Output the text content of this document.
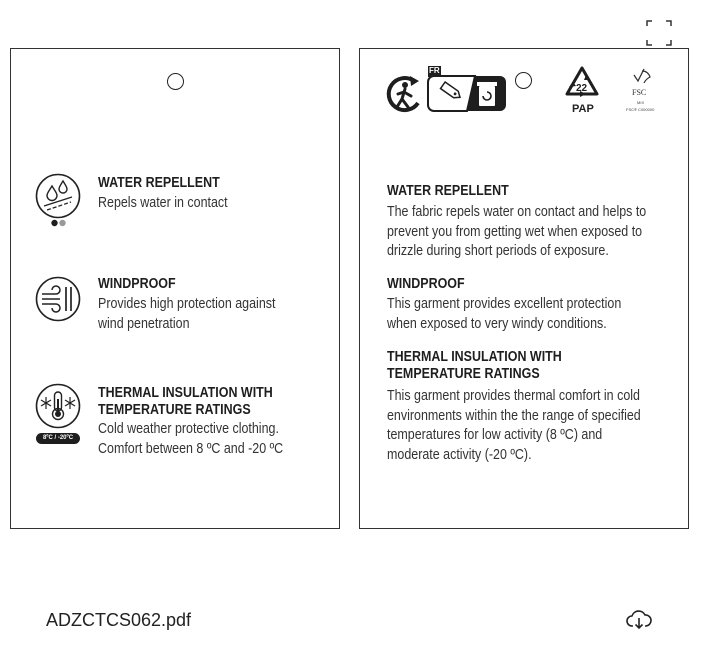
WATER REPELLENT
Repels water in contact
WINDPROOF
Provides high protection against
wind penetration
8ºC / -20ºC
THERMAL INSULATION WITH
TEMPERATURE RATINGS
Cold weather protective clothing.
Comfort between 8 ºC and -20 ºC
FR
22
PAP
FSC
MIX
FSC® C000000
WATER REPELLENT
The fabric repels water on contact and helps to
prevent you from getting wet when exposed to
drizzle during short periods of exposure.
WINDPROOF
This garment provides excellent protection
when exposed to very windy conditions.
THERMAL INSULATION WITH
TEMPERATURE RATINGS
This garment provides thermal comfort in cold
environments within the the range of specified
temperatures for low activity (8 ºC) and
moderate activity (-20 ºC).
ADZCTCS062.pdf
